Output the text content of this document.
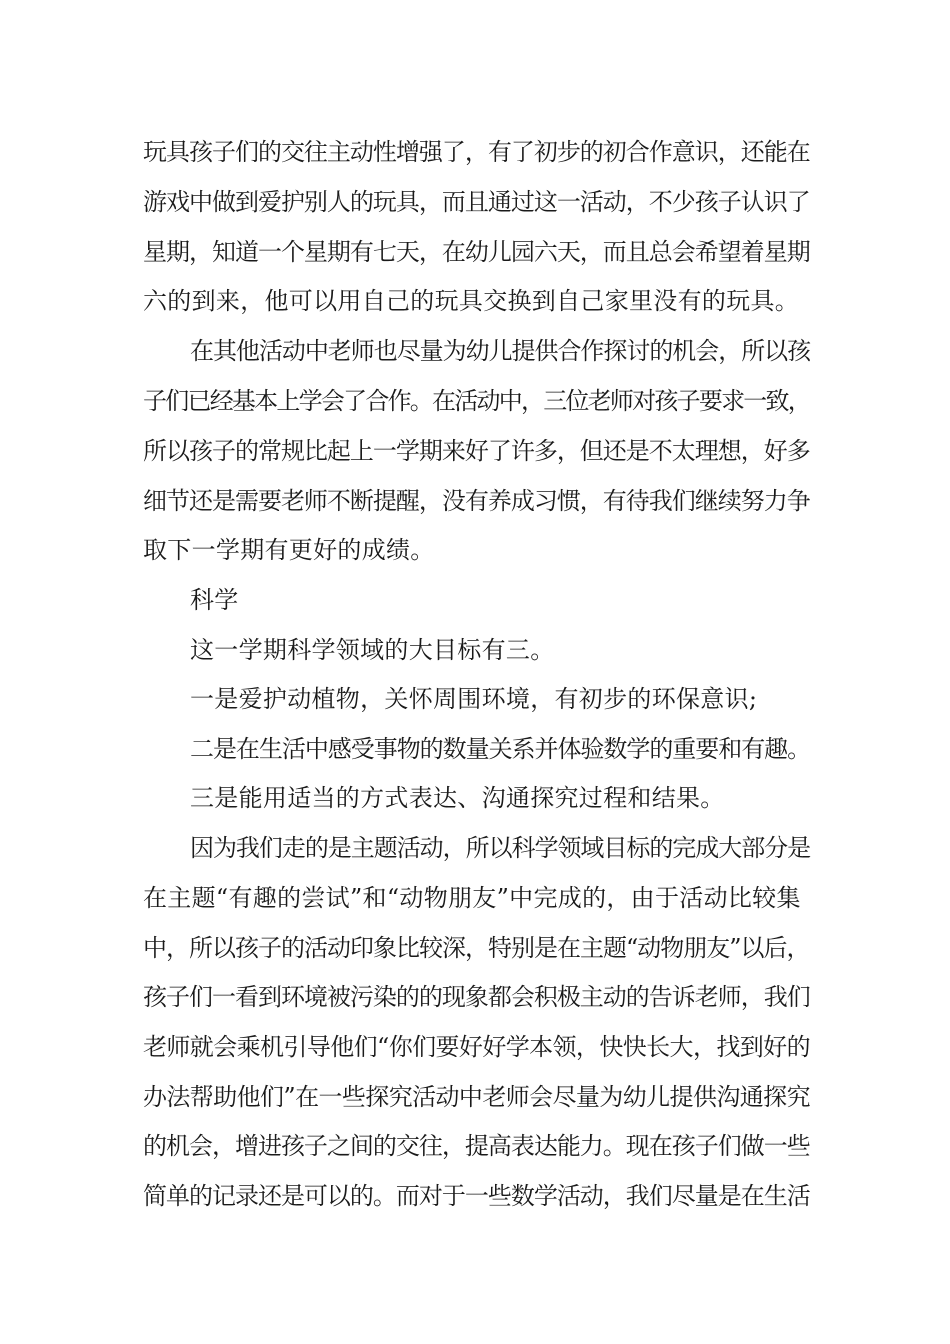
玩具孩子们的交往主动性增强了，有了初步的初合作意识，还能在
游戏中做到爱护别人的玩具，而且通过这一活动，不少孩子认识了
星期，知道一个星期有七天，在幼儿园六天，而且总会希望着星期
六的到来，他可以用自己的玩具交换到自己家里没有的玩具。
在其他活动中老师也尽量为幼儿提供合作探讨的机会，所以孩
子们已经基本上学会了合作。在活动中，三位老师对孩子要求一致，
所以孩子的常规比起上一学期来好了许多，但还是不太理想，好多
细节还是需要老师不断提醒，没有养成习惯，有待我们继续努力争
取下一学期有更好的成绩。
科学
这一学期科学领域的大目标有三。
一是爱护动植物，关怀周围环境，有初步的环保意识;
二是在生活中感受事物的数量关系并体验数学的重要和有趣。
三是能用适当的方式表达、沟通探究过程和结果。
因为我们走的是主题活动，所以科学领域目标的完成大部分是
在主题“有趣的尝试”和“动物朋友”中完成的，由于活动比较集
中，所以孩子的活动印象比较深，特别是在主题“动物朋友”以后，
孩子们一看到环境被污染的的现象都会积极主动的告诉老师，我们
老师就会乘机引导他们“你们要好好学本领，快快长大，找到好的
办法帮助他们”在一些探究活动中老师会尽量为幼儿提供沟通探究
的机会，增进孩子之间的交往，提高表达能力。现在孩子们做一些
简单的记录还是可以的。而对于一些数学活动，我们尽量是在生活
